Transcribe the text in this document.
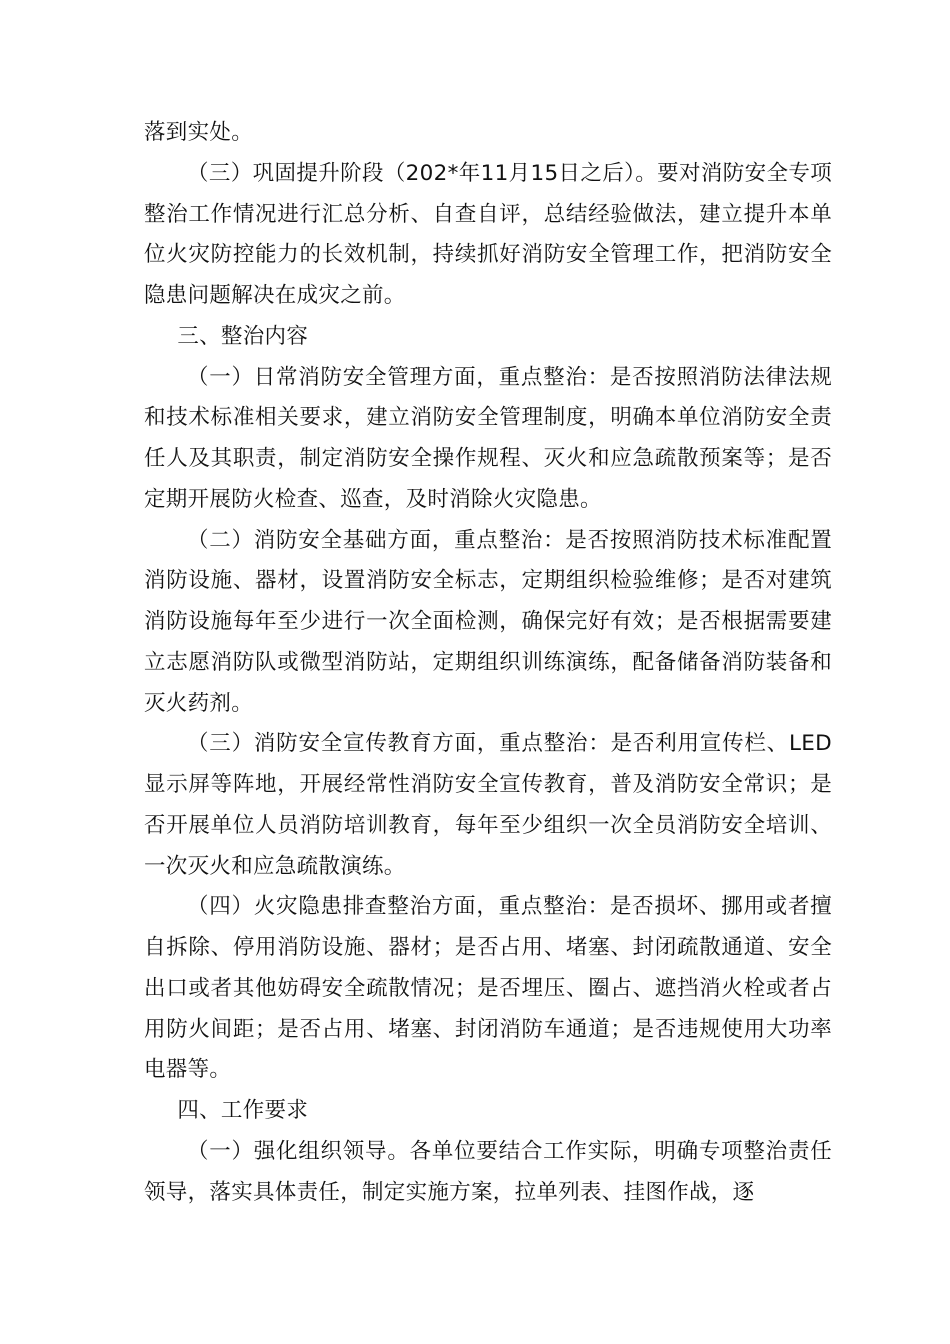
落到实处。

（三）巩固提升阶段（202*年11月15日之后）。要对消防安全专项整治工作情况进行汇总分析、自查自评，总结经验做法，建立提升本单位火灾防控能力的长效机制，持续抓好消防安全管理工作，把消防安全隐患问题解决在成灾之前。

三、整治内容

（一）日常消防安全管理方面，重点整治：是否按照消防法律法规和技术标准相关要求，建立消防安全管理制度，明确本单位消防安全责任人及其职责，制定消防安全操作规程、灭火和应急疏散预案等；是否定期开展防火检查、巡查，及时消除火灾隐患。

（二）消防安全基础方面，重点整治：是否按照消防技术标准配置消防设施、器材，设置消防安全标志，定期组织检验维修；是否对建筑消防设施每年至少进行一次全面检测，确保完好有效；是否根据需要建立志愿消防队或微型消防站，定期组织训练演练，配备储备消防装备和灭火药剂。

（三）消防安全宣传教育方面，重点整治：是否利用宣传栏、LED显示屏等阵地，开展经常性消防安全宣传教育，普及消防安全常识；是否开展单位人员消防培训教育，每年至少组织一次全员消防安全培训、一次灭火和应急疏散演练。

（四）火灾隐患排查整治方面，重点整治：是否损坏、挪用或者擅自拆除、停用消防设施、器材；是否占用、堵塞、封闭疏散通道、安全出口或者其他妨碍安全疏散情况；是否埋压、圈占、遮挡消火栓或者占用防火间距；是否占用、堵塞、封闭消防车通道；是否违规使用大功率电器等。

四、工作要求

（一）强化组织领导。各单位要结合工作实际，明确专项整治责任领导，落实具体责任，制定实施方案，拉单列表、挂图作战，逐
